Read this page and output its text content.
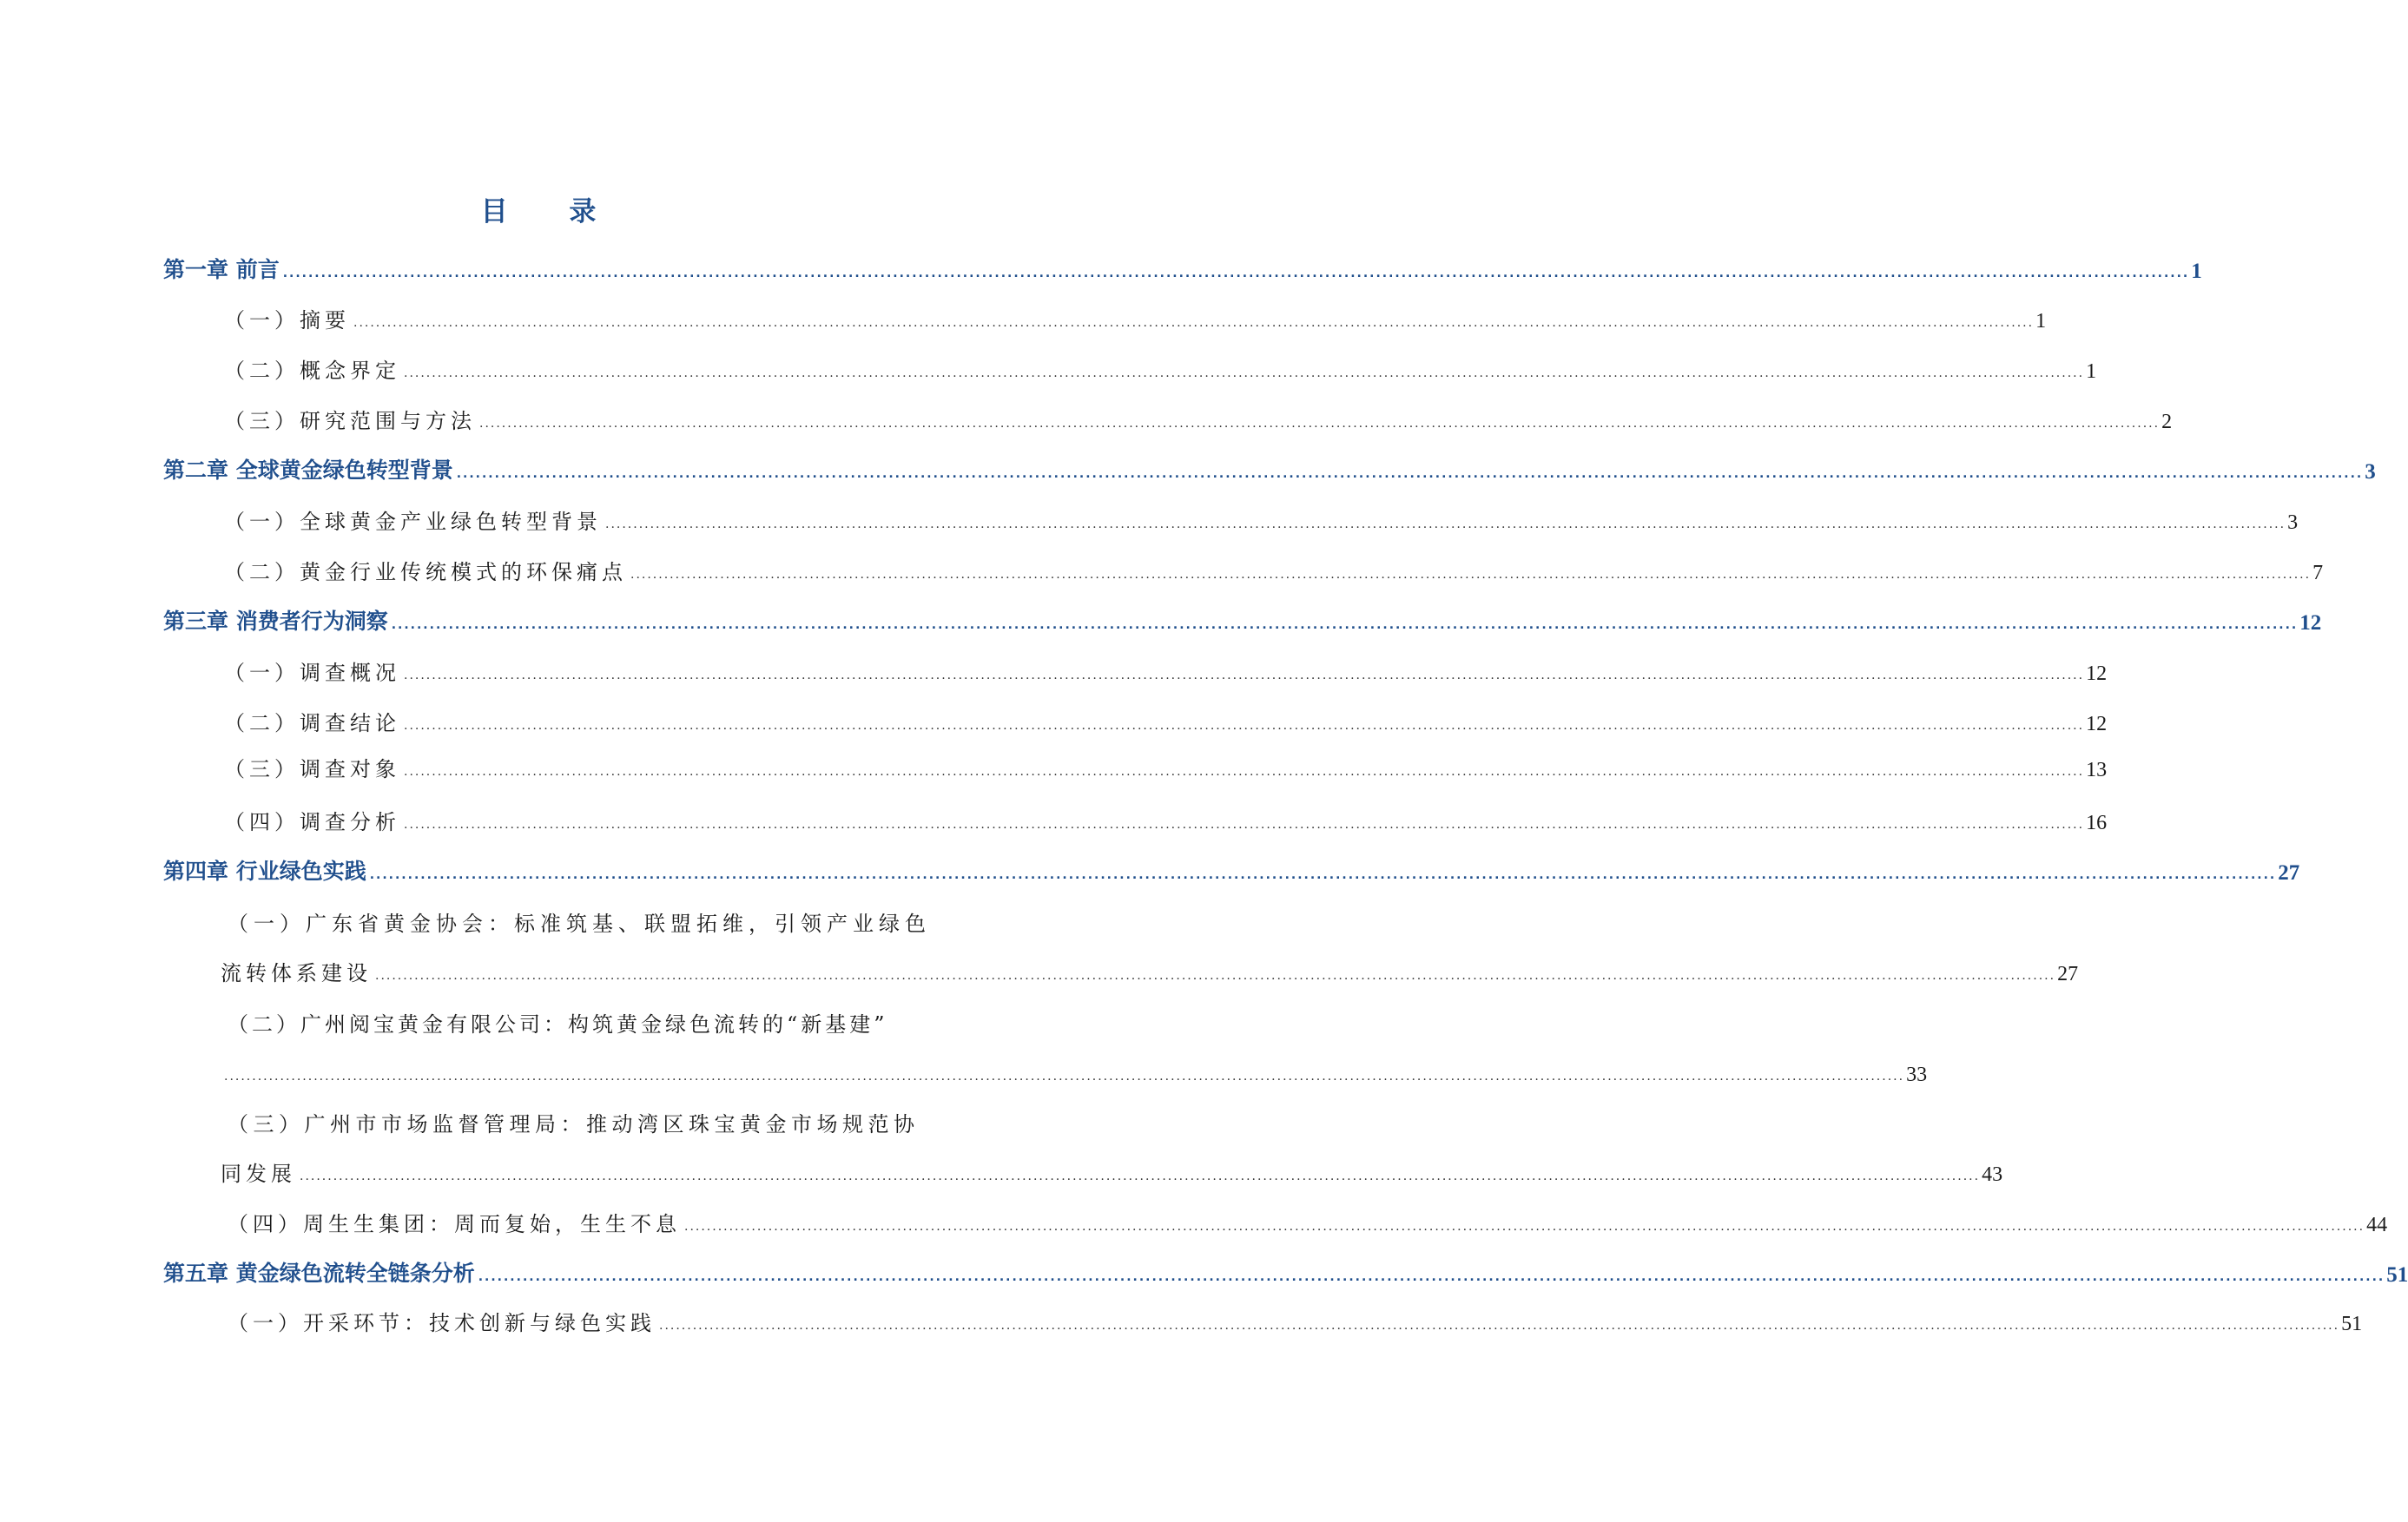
目 录
第一章 前言 ............................................................................................................................................................................................................................................................................................................ 1
（一）摘要 ............................................................................................................................................................................................................................................................................................................ 1
（二）概念界定 ............................................................................................................................................................................................................................................................................................................ 1
（三）研究范围与方法 ............................................................................................................................................................................................................................................................................................................ 2
第二章 全球黄金绿色转型背景 ............................................................................................................................................................................................................................................................................................................ 3
（一）全球黄金产业绿色转型背景 ............................................................................................................................................................................................................................................................................................................ 3
（二）黄金行业传统模式的环保痛点 ............................................................................................................................................................................................................................................................................................................ 7
第三章 消费者行为洞察 ............................................................................................................................................................................................................................................................................................................ 12
（一）调查概况 ............................................................................................................................................................................................................................................................................................................ 12
（二）调查结论 ............................................................................................................................................................................................................................................................................................................ 12
（三）调查对象 ............................................................................................................................................................................................................................................................................................................ 13
（四）调查分析 ............................................................................................................................................................................................................................................................................................................ 16
第四章 行业绿色实践 ............................................................................................................................................................................................................................................................................................................ 27
（一）广东省黄金协会：标准筑基、联盟拓维，引领产业绿色
流转体系建设 ............................................................................................................................................................................................................................................................................................................ 27
（二）广州阅宝黄金有限公司：构筑黄金绿色流转的“新基建”
............................................................................................................................................................................................................................................................................................................ 33
（三）广州市市场监督管理局：推动湾区珠宝黄金市场规范协
同发展 ............................................................................................................................................................................................................................................................................................................ 43
（四）周生生集团：周而复始，生生不息 ............................................................................................................................................................................................................................................................................................................ 44
第五章 黄金绿色流转全链条分析 ............................................................................................................................................................................................................................................................................................................ 51
（一）开采环节：技术创新与绿色实践 ............................................................................................................................................................................................................................................................................................................ 51
